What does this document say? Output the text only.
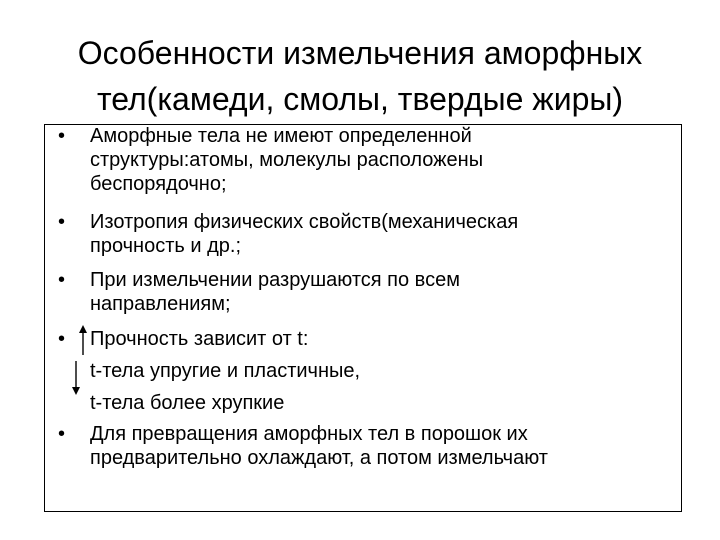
Особенности измельчения аморфных
тел(камеди, смолы, твердые жиры)
• Аморфные тела не имеют определенной
структуры:атомы, молекулы расположены
беспорядочно;
• Изотропия физических свойств(механическая
прочность и др.;
• При измельчении разрушаются по всем
направлениям;
• Прочность зависит от t:
t-тела упругие и пластичные,
t-тела более хрупкие
• Для превращения аморфных тел в порошок их
предварительно охлаждают, а потом измельчают
